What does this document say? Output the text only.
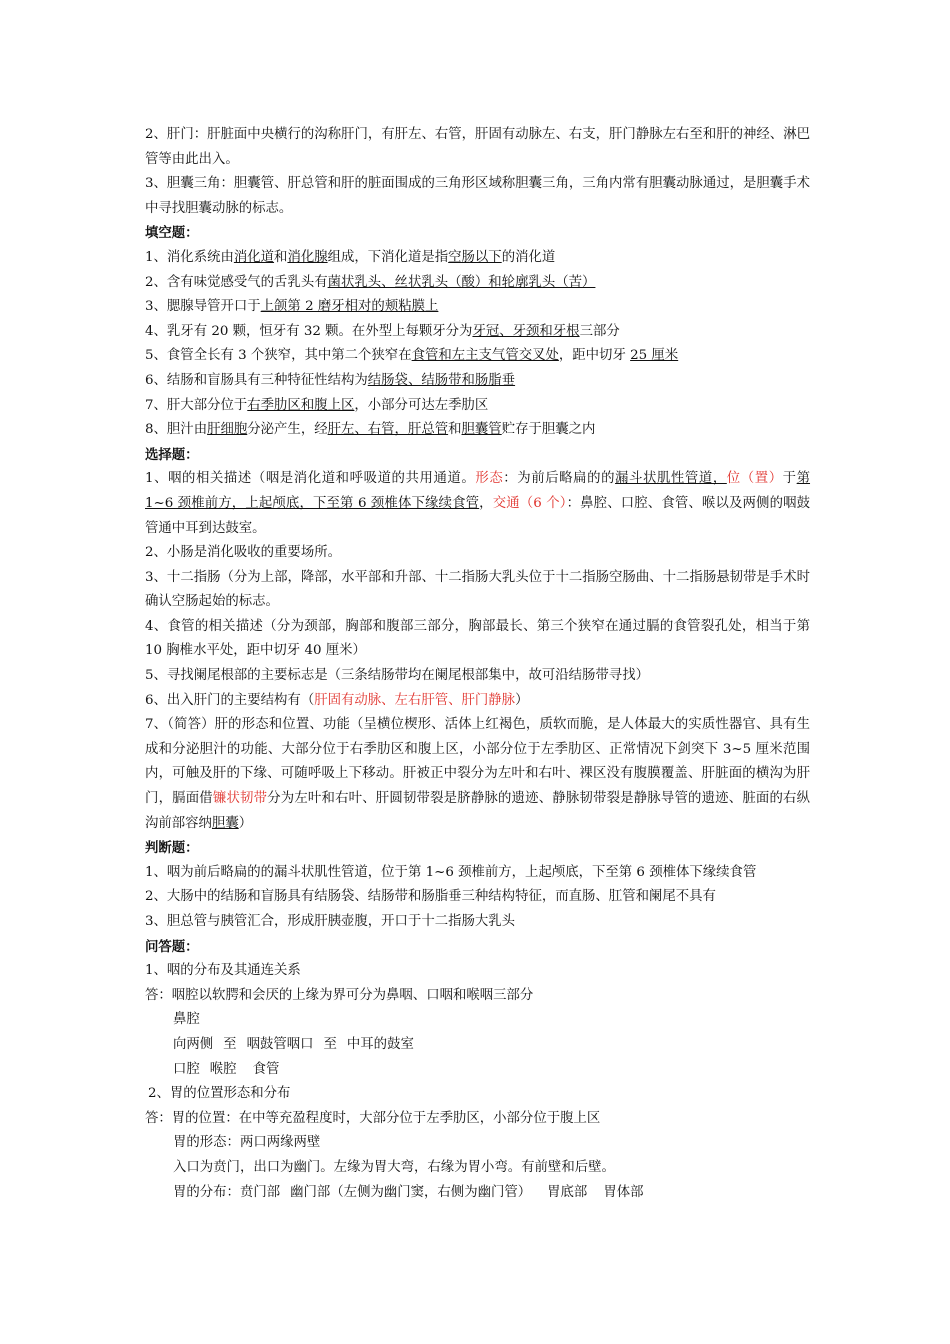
2、肝门：肝脏面中央横行的沟称肝门，有肝左、右管，肝固有动脉左、右支，肝门静脉左右至和肝的神经、淋巴管等由此出入。

3、胆囊三角：胆囊管、肝总管和肝的脏面围成的三角形区域称胆囊三角，三角内常有胆囊动脉通过，是胆囊手术中寻找胆囊动脉的标志。

填空题：

1、消化系统由消化道和消化腺组成，下消化道是指空肠以下的消化道

2、含有味觉感受气的舌乳头有菌状乳头、丝状乳头（酸）和轮廓乳头（苦）

3、腮腺导管开口于上颌第 2 磨牙相对的颊粘膜上

4、乳牙有 20 颗，恒牙有 32 颗。在外型上每颗牙分为牙冠、牙颈和牙根三部分

5、食管全长有 3 个狭窄，其中第二个狭窄在食管和左主支气管交叉处，距中切牙 25 厘米

6、结肠和盲肠具有三种特征性结构为结肠袋、结肠带和肠脂垂

7、肝大部分位于右季肋区和腹上区，小部分可达左季肋区

8、胆汁由肝细胞分泌产生，经肝左、右管，肝总管和胆囊管贮存于胆囊之内

选择题：

1、咽的相关描述（咽是消化道和呼吸道的共用通道。形态：为前后略扁的的漏斗状肌性管道，位（置）于第 1~6 颈椎前方，上起颅底，下至第 6 颈椎体下缘续食管，交通（6 个）：鼻腔、口腔、食管、喉以及两侧的咽鼓管通中耳到达鼓室。

2、小肠是消化吸收的重要场所。

3、十二指肠（分为上部，降部，水平部和升部、十二指肠大乳头位于十二指肠空肠曲、十二指肠悬韧带是手术时确认空肠起始的标志。

4、食管的相关描述（分为颈部，胸部和腹部三部分，胸部最长、第三个狭窄在通过膈的食管裂孔处，相当于第 10 胸椎水平处，距中切牙 40 厘米）

5、寻找阑尾根部的主要标志是（三条结肠带均在阑尾根部集中，故可沿结肠带寻找）

6、出入肝门的主要结构有（肝固有动脉、左右肝管、肝门静脉）

7、（简答）肝的形态和位置、功能（呈横位楔形、活体上红褐色，质软而脆，是人体最大的实质性器官、具有生成和分泌胆汁的功能、大部分位于右季肋区和腹上区，小部分位于左季肋区、正常情况下剑突下 3~5 厘米范围内，可触及肝的下缘、可随呼吸上下移动。肝被正中裂分为左叶和右叶、裸区没有腹膜覆盖、肝脏面的横沟为肝门，膈面借镰状韧带分为左叶和右叶、肝圆韧带裂是脐静脉的遗迹、静脉韧带裂是静脉导管的遗迹、脏面的右纵沟前部容纳胆囊）

判断题：

1、咽为前后略扁的的漏斗状肌性管道，位于第 1~6 颈椎前方，上起颅底，下至第 6 颈椎体下缘续食管

2、大肠中的结肠和盲肠具有结肠袋、结肠带和肠脂垂三种结构特征，而直肠、肛管和阑尾不具有

3、胆总管与胰管汇合，形成肝胰壶腹，开口于十二指肠大乳头

问答题：

1、咽的分布及其通连关系

答：咽腔以软腭和会厌的上缘为界可分为鼻咽、口咽和喉咽三部分

鼻腔

向两侧 至 咽鼓管咽口 至 中耳的鼓室

口腔 喉腔 食管

2、胃的位置形态和分布

答：胃的位置：在中等充盈程度时，大部分位于左季肋区，小部分位于腹上区

胃的形态：两口两缘两壁

入口为贲门，出口为幽门。左缘为胃大弯，右缘为胃小弯。有前壁和后壁。

胃的分布：贲门部 幽门部（左侧为幽门窦，右侧为幽门管） 胃底部 胃体部
